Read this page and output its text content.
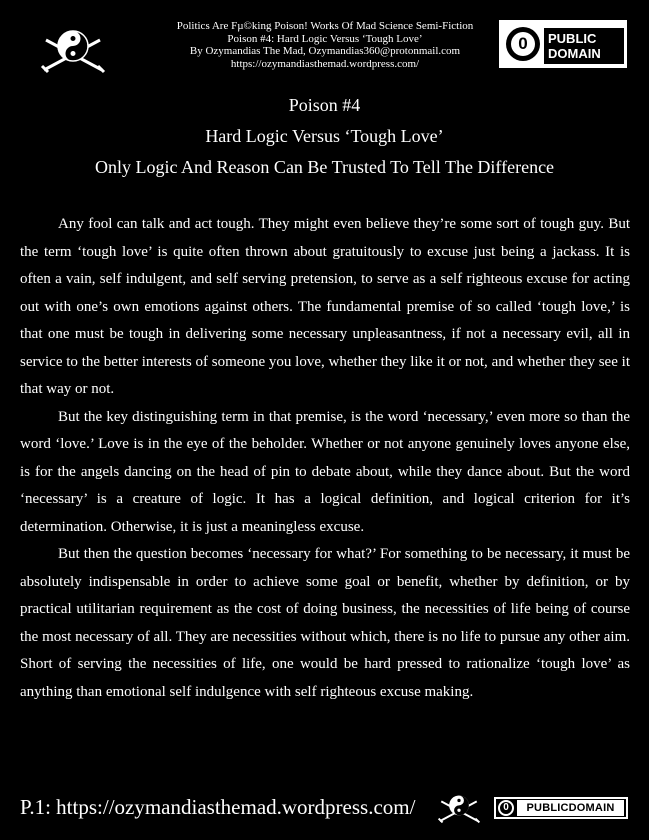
Politics Are Fµ©king Poison! Works Of Mad Science Semi-Fiction
Poison #4: Hard Logic Versus ‘Tough Love’
By Ozymandias The Mad, Ozymandias360@protonmail.com
https://ozymandiasthemad.wordpress.com/
0	PUBLIC
DOMAIN
Poison #4
Hard Logic Versus ‘Tough Love’
Only Logic And Reason Can Be Trusted To Tell The Difference

Any fool can talk and act tough. They might even believe they’re some sort of tough guy. But the term ‘tough love’ is quite often thrown about gratuitously to excuse just being a jackass. It is often a vain, self indulgent, and self serving pretension, to serve as a self righteous excuse for acting out with one’s own emotions against others. The fundamental premise of so called ‘tough love,’ is that one must be tough in delivering some necessary unpleasantness, if not a necessary evil, all in service to the better interests of someone you love, whether they like it or not, and whether they see it that way or not.

But the key distinguishing term in that premise, is the word ‘necessary,’ even more so than the word ‘love.’ Love is in the eye of the beholder. Whether or not anyone genuinely loves anyone else, is for the angels dancing on the head of pin to debate about, while they dance about. But the word ‘necessary’ is a creature of logic. It has a logical definition, and logical criterion for it’s determination. Otherwise, it is just a meaningless excuse.

But then the question becomes ‘necessary for what?’ For something to be necessary, it must be absolutely indispensable in order to achieve some goal or benefit, whether by definition, or by practical utilitarian requirement as the cost of doing business, the necessities of life being of course the most necessary of all. They are necessities without which, there is no life to pursue any other aim. Short of serving the necessities of life, one would be hard pressed to rationalize ‘tough love’ as anything than emotional self indulgence with self righteous excuse making.

P.1: https://ozymandiasthemad.wordpress.com/	0	PUBLICDOMAIN
